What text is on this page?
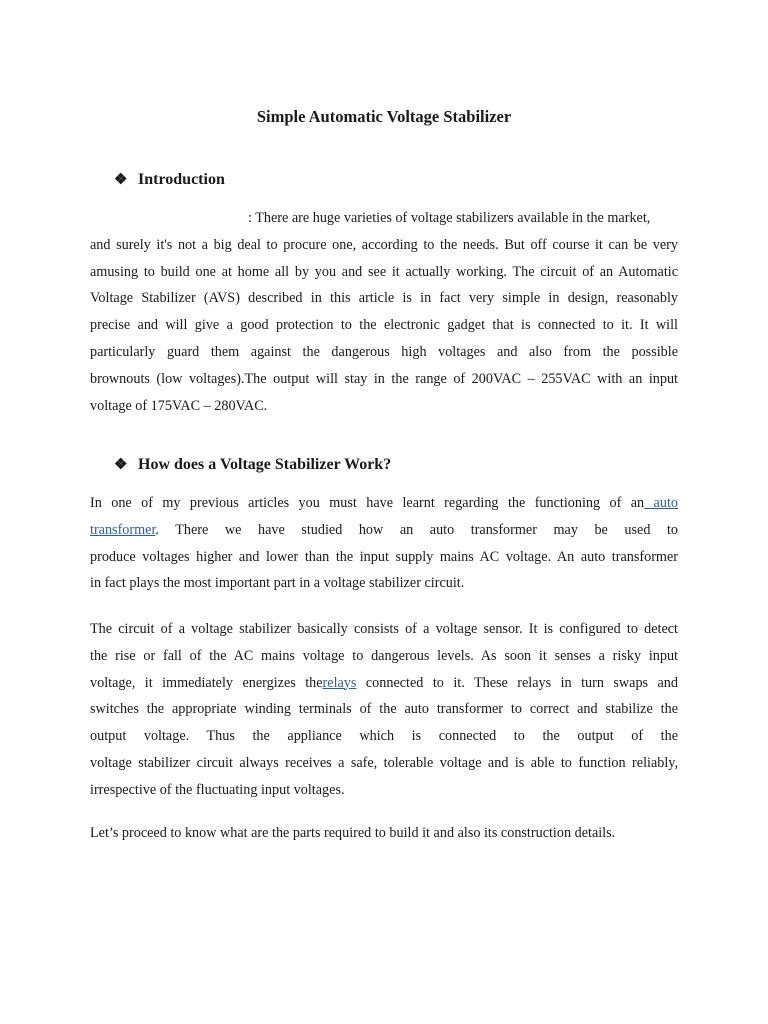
Simple Automatic Voltage Stabilizer
❖ Introduction
: There are huge varieties of voltage stabilizers available in the market,
and surely it's not a big deal to procure one, according to the needs. But off course it can be very
amusing to build one at home all by you and see it actually working. The circuit of an Automatic
Voltage Stabilizer (AVS) described in this article is in fact very simple in design, reasonably
precise and will give a good protection to the electronic gadget that is connected to it. It will
particularly guard them against the dangerous high voltages and also from the possible
brownouts (low voltages).The output will stay in the range of 200VAC – 255VAC with an input
voltage of 175VAC – 280VAC.
❖ How does a Voltage Stabilizer Work?
In one of my previous articles you must have learnt regarding the functioning of an auto
transformer. There we have studied how an auto transformer may be used to
produce voltages higher and lower than the input supply mains AC voltage. An auto transformer
in fact plays the most important part in a voltage stabilizer circuit.
The circuit of a voltage stabilizer basically consists of a voltage sensor. It is configured to detect
the rise or fall of the AC mains voltage to dangerous levels. As soon it senses a risky input
voltage, it immediately energizes therelays connected to it. These relays in turn swaps and
switches the appropriate winding terminals of the auto transformer to correct and stabilize the
output voltage. Thus the appliance which is connected to the output of the
voltage stabilizer circuit always receives a safe, tolerable voltage and is able to function reliably,
irrespective of the fluctuating input voltages.
Let’s proceed to know what are the parts required to build it and also its construction details.
